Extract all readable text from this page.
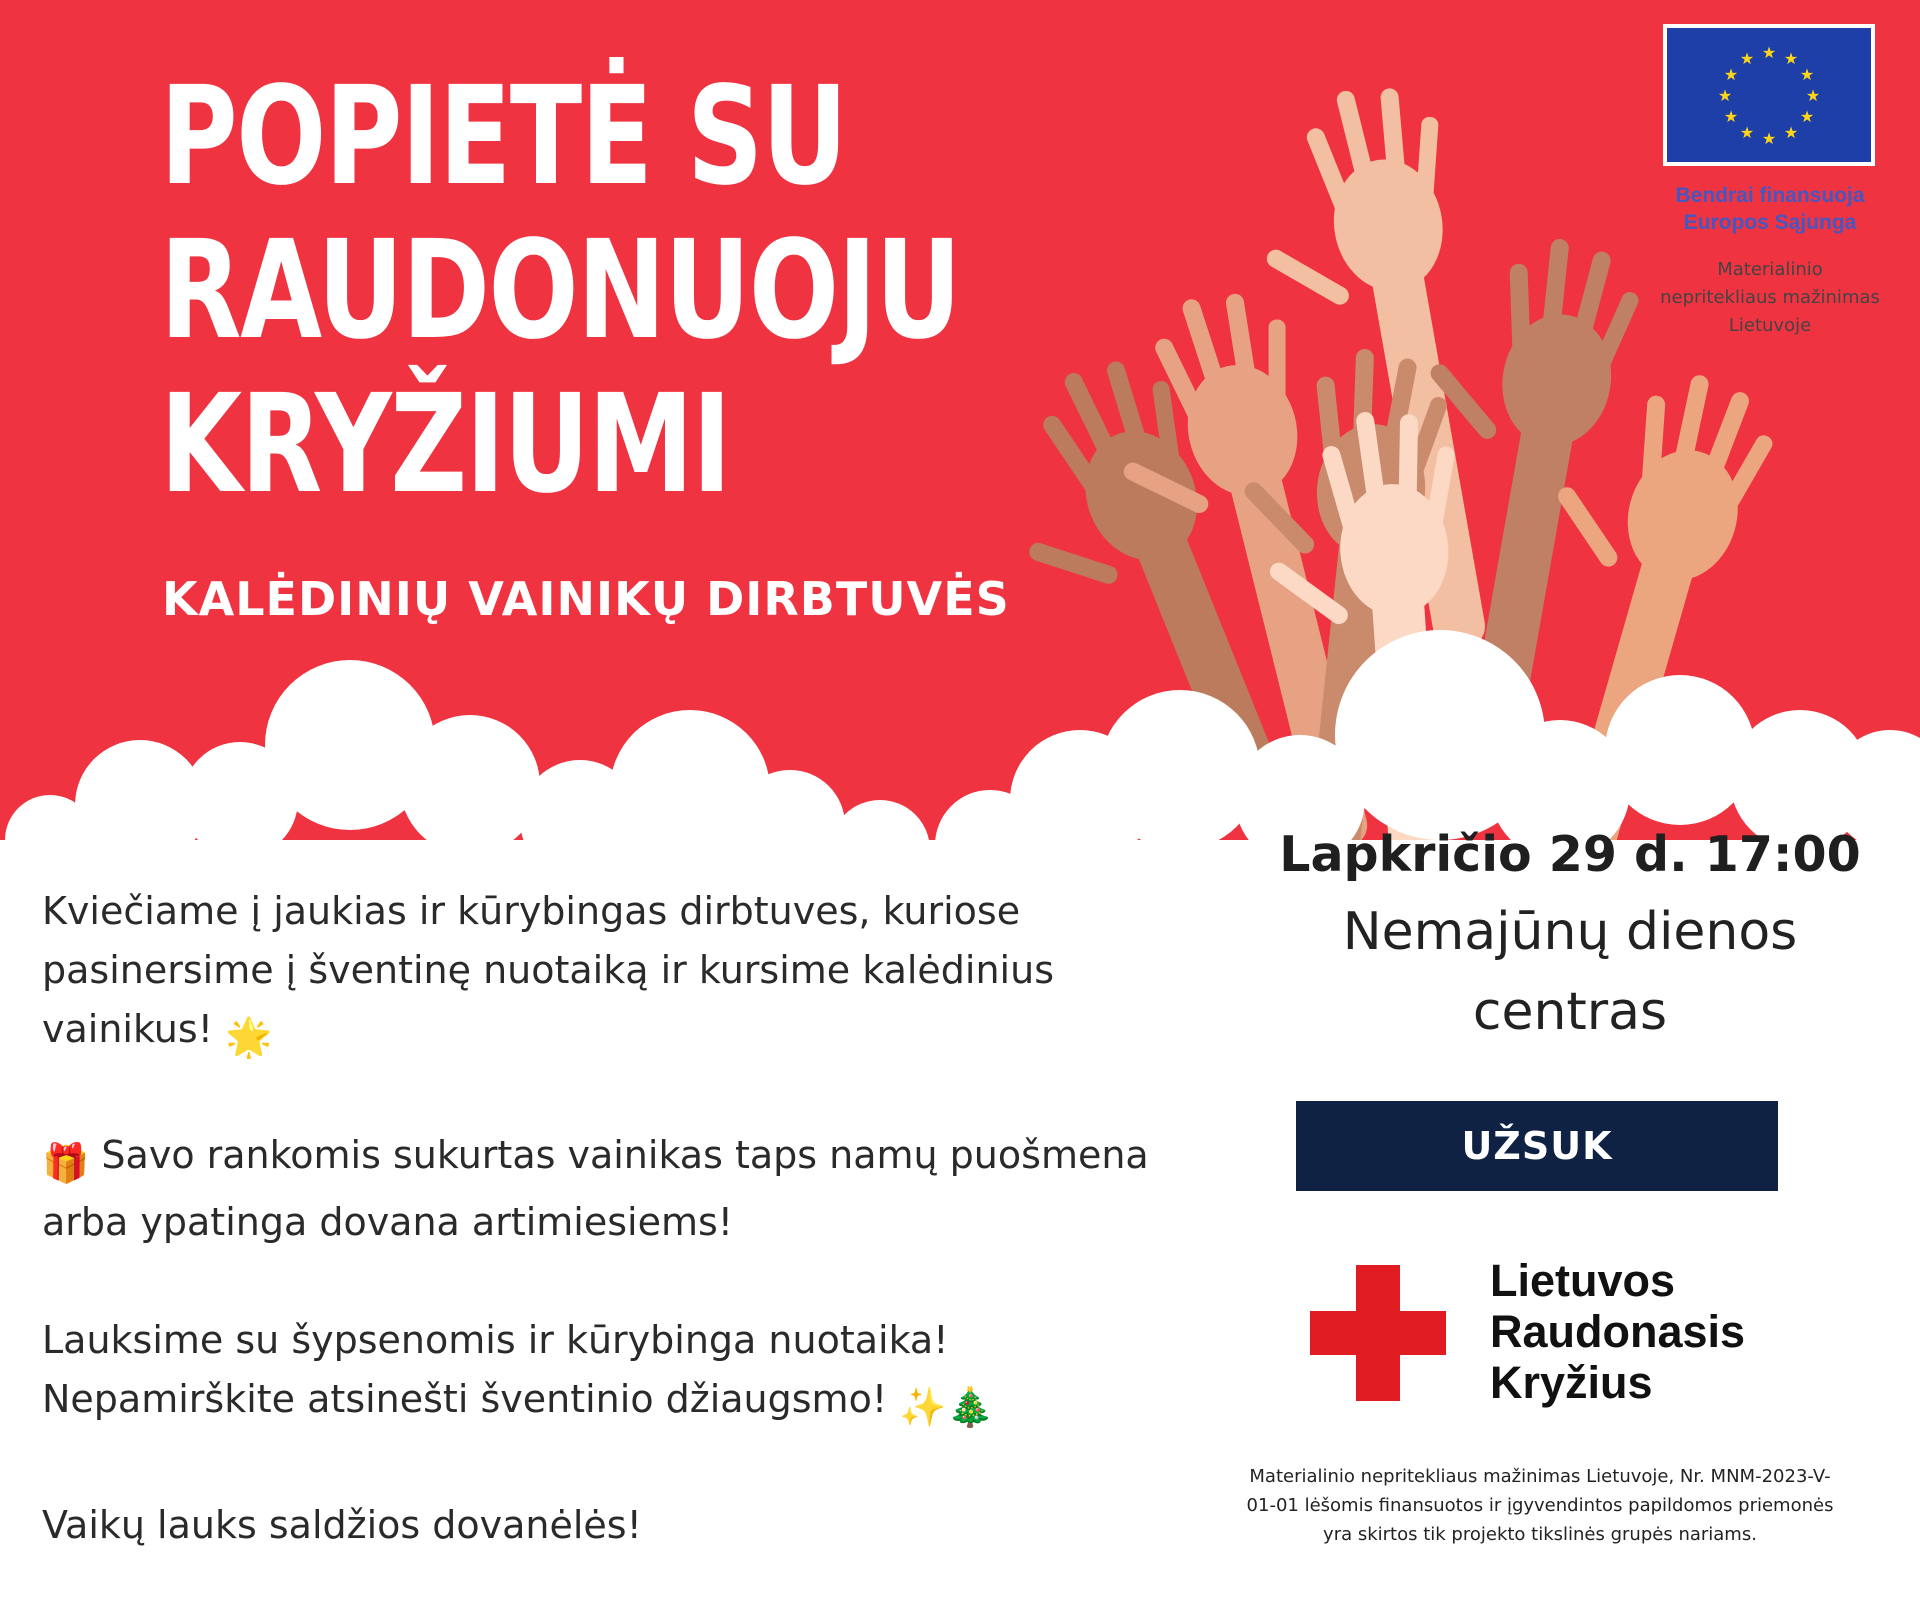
POPIETĖ SU
RAUDONUOJU
KRYŽIUMI
KALĖDINIŲ VAINIKŲ DIRBTUVĖS
★ ★
★
★
★
★
★
★
★
★
★
★
Bendrai finansuoja
Europos Sąjunga
Materialinio
nepritekliaus mažinimas
Lietuvoje

Kviečiame į jaukias ir kūrybingas dirbtuves, kuriose pasinersime į šventinę nuotaiką ir kursime kalėdinius vainikus! 🌟

🎁 Savo rankomis sukurtas vainikas taps namų puošmena arba ypatinga dovana artimiesiems!

Lauksime su šypsenomis ir kūrybinga nuotaika!
Nepamirškite atsinešti šventinio džiaugsmo! ✨🎄

Vaikų lauks saldžios dovanėlės!

Lapkričio 29 d. 17:00
Nemajūnų dienos
centras
UŽSUK
Lietuvos
Raudonasis
Kryžius
Materialinio nepritekliaus mažinimas Lietuvoje, Nr. MNM-2023-V-01-01 lėšomis finansuotos ir įgyvendintos papildomos priemonės yra skirtos tik projekto tikslinės grupės nariams.
